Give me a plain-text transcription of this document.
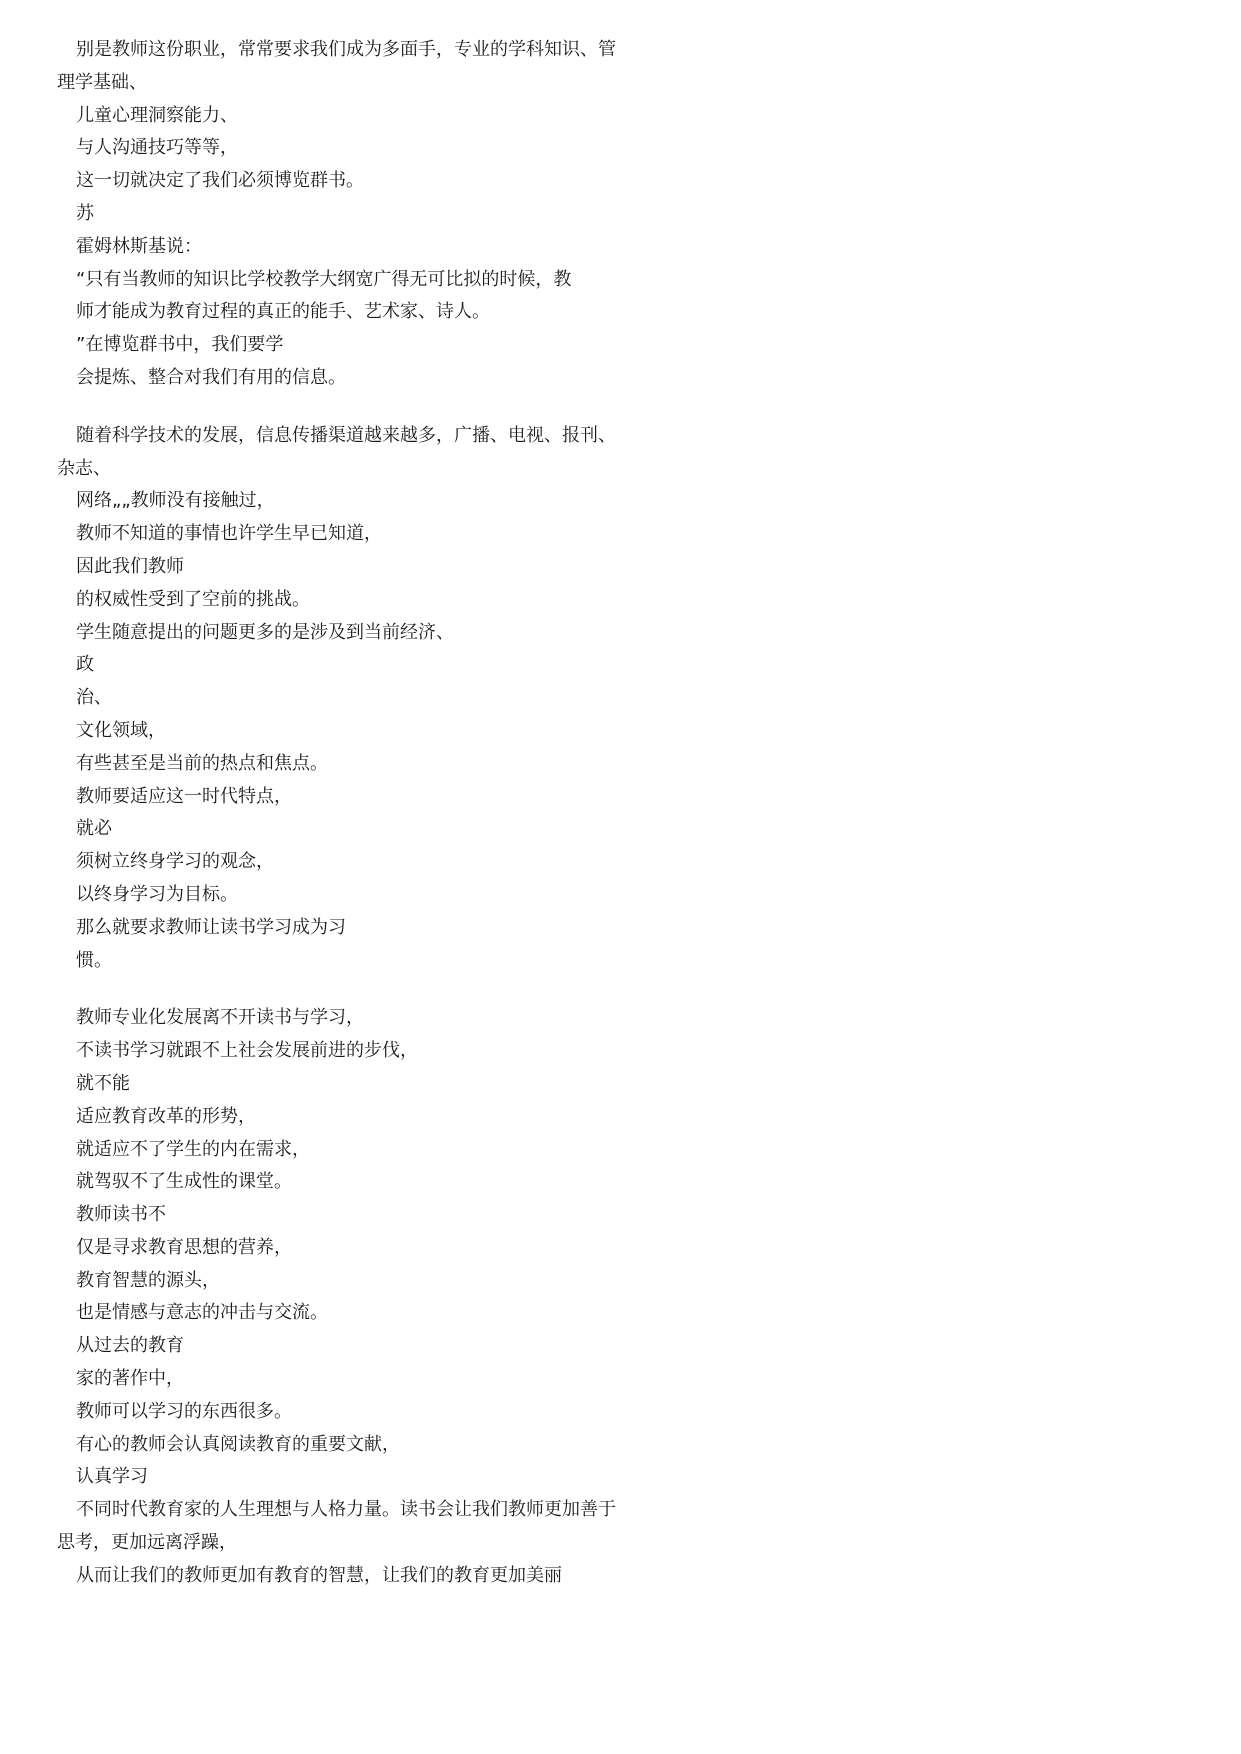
别是教师这份职业，常常要求我们成为多面手，专业的学科知识、管
理学基础、
儿童心理洞察能力、
与人沟通技巧等等，
这一切就决定了我们必须博览群书。
苏
霍姆林斯基说：
“只有当教师的知识比学校教学大纲宽广得无可比拟的时候，教
师才能成为教育过程的真正的能手、艺术家、诗人。
”在博览群书中，我们要学
会提炼、整合对我们有用的信息。
随着科学技术的发展，信息传播渠道越来越多，广播、电视、报刊、
杂志、
网络„„教师没有接触过，
教师不知道的事情也许学生早已知道，
因此我们教师
的权威性受到了空前的挑战。
学生随意提出的问题更多的是涉及到当前经济、
政
治、
文化领域，
有些甚至是当前的热点和焦点。
教师要适应这一时代特点，
就必
须树立终身学习的观念，
以终身学习为目标。
那么就要求教师让读书学习成为习
惯。
教师专业化发展离不开读书与学习，
不读书学习就跟不上社会发展前进的步伐，
就不能
适应教育改革的形势，
就适应不了学生的内在需求，
就驾驭不了生成性的课堂。
教师读书不
仅是寻求教育思想的营养，
教育智慧的源头，
也是情感与意志的冲击与交流。
从过去的教育
家的著作中，
教师可以学习的东西很多。
有心的教师会认真阅读教育的重要文献，
认真学习
不同时代教育家的人生理想与人格力量。读书会让我们教师更加善于
思考，更加远离浮躁，
从而让我们的教师更加有教育的智慧，让我们的教育更加美丽
